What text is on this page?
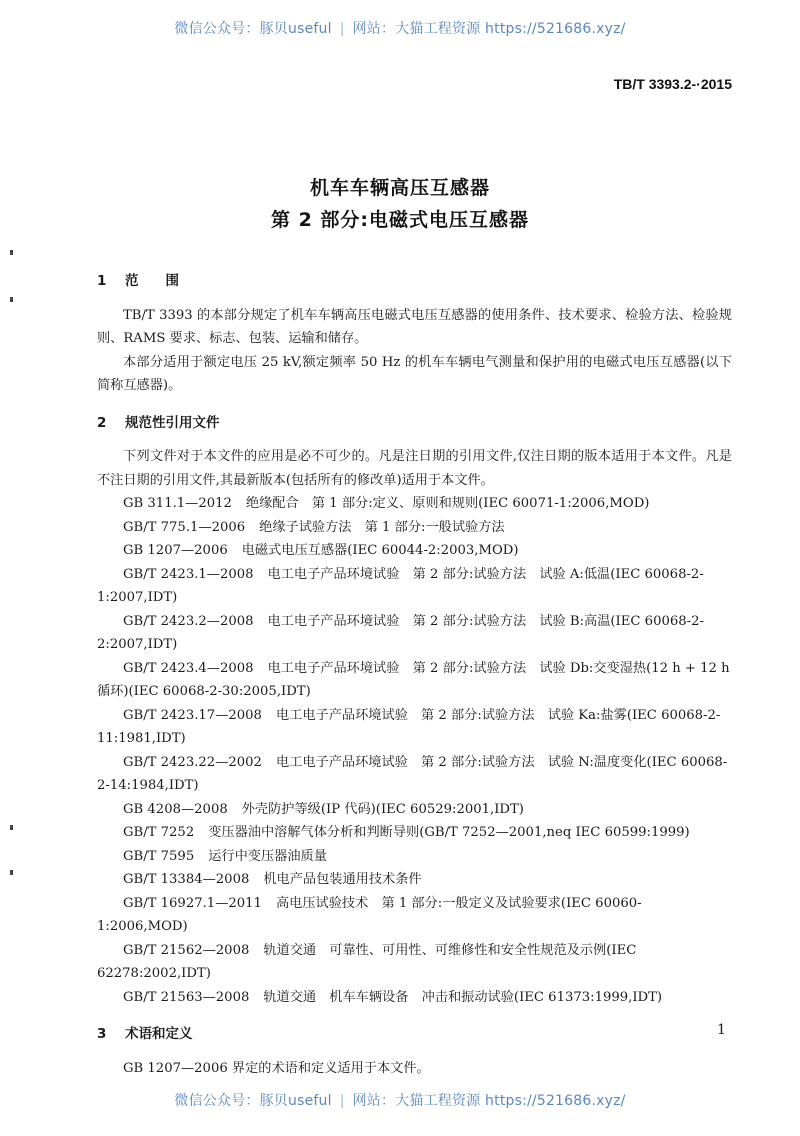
微信公众号：豚贝useful | 网站：大猫工程资源 https://521686.xyz/
TB/T 3393.2-·2015
机车车辆高压互感器
第 2 部分:电磁式电压互感器

1 范　　围

TB/T 3393 的本部分规定了机车车辆高压电磁式电压互感器的使用条件、技术要求、检验方法、检验规则、RAMS 要求、标志、包装、运输和储存。

本部分适用于额定电压 25 kV,额定频率 50 Hz 的机车车辆电气测量和保护用的电磁式电压互感器(以下简称互感器)。

2 规范性引用文件

下列文件对于本文件的应用是必不可少的。凡是注日期的引用文件,仅注日期的版本适用于本文件。凡是不注日期的引用文件,其最新版本(包括所有的修改单)适用于本文件。

GB 311.1—2012 绝缘配合　第 1 部分:定义、原则和规则(IEC 60071-1:2006,MOD)

GB/T 775.1—2006 绝缘子试验方法　第 1 部分:一般试验方法

GB 1207—2006 电磁式电压互感器(IEC 60044-2:2003,MOD)

GB/T 2423.1—2008 电工电子产品环境试验　第 2 部分:试验方法　试验 A:低温(IEC 60068-2-1:2007,IDT)

GB/T 2423.2—2008 电工电子产品环境试验　第 2 部分:试验方法　试验 B:高温(IEC 60068-2-2:2007,IDT)

GB/T 2423.4—2008 电工电子产品环境试验　第 2 部分:试验方法　试验 Db:交变湿热(12 h + 12 h 循环)(IEC 60068-2-30:2005,IDT)

GB/T 2423.17—2008 电工电子产品环境试验　第 2 部分:试验方法　试验 Ka:盐雾(IEC 60068-2-11:1981,IDT)

GB/T 2423.22—2002 电工电子产品环境试验　第 2 部分:试验方法　试验 N:温度变化(IEC 60068-2-14:1984,IDT)

GB 4208—2008 外壳防护等级(IP 代码)(IEC 60529:2001,IDT)

GB/T 7252 变压器油中溶解气体分析和判断导则(GB/T 7252—2001,neq IEC 60599:1999)

GB/T 7595 运行中变压器油质量

GB/T 13384—2008 机电产品包装通用技术条件

GB/T 16927.1—2011 高电压试验技术　第 1 部分:一般定义及试验要求(IEC 60060-1:2006,MOD)

GB/T 21562—2008 轨道交通　可靠性、可用性、可维修性和安全性规范及示例(IEC 62278:2002,IDT)

GB/T 21563—2008 轨道交通　机车车辆设备　冲击和振动试验(IEC 61373:1999,IDT)

3 术语和定义

GB 1207—2006 界定的术语和定义适用于本文件。

1
微信公众号：豚贝useful | 网站：大猫工程资源 https://521686.xyz/
